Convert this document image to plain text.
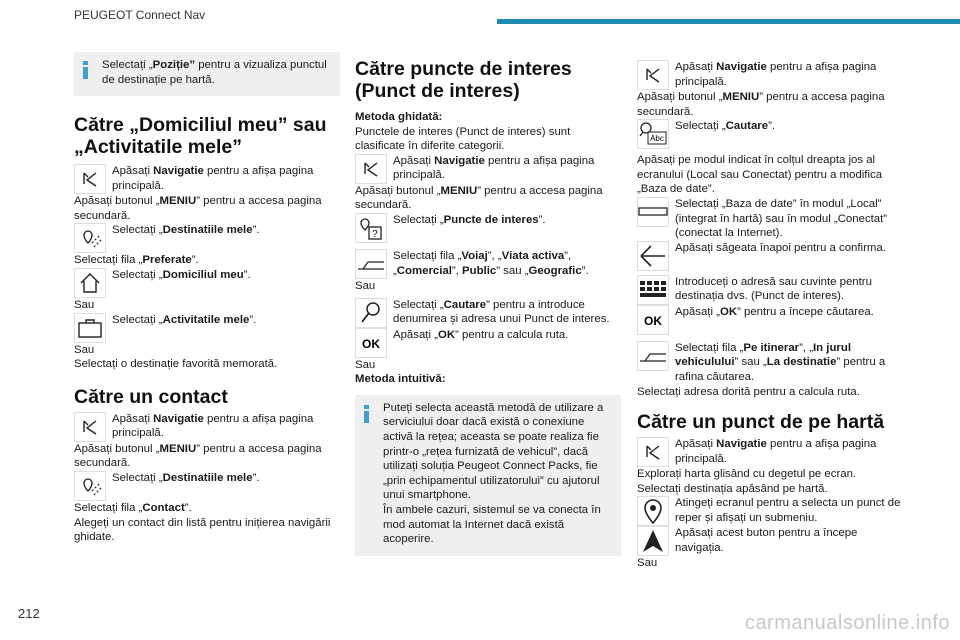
PEUGEOT Connect Nav
Selectați „Poziție” pentru a vizualiza punctul de destinație pe hartă.
Către „Domiciliul meu” sau „Activitatile mele”
Apăsați Navigatie pentru a afișa pagina principală.

Apăsați butonul „MENIU” pentru a accesa pagina secundară.

Selectați „Destinatiile mele”.

Selectați fila „Preferate”.

Selectați „Domiciliul meu”.

Sau

Selectați „Activitatile mele”.

Sau

Selectați o destinație favorită memorată.

Către un contact
Apăsați Navigatie pentru a afișa pagina principală.

Apăsați butonul „MENIU” pentru a accesa pagina secundară.

Selectați „Destinatiile mele”.

Selectați fila „Contact”.

Alegeți un contact din listă pentru inițierea navigării ghidate.

Către puncte de interes (Punct de interes)

Metoda ghidată:

Punctele de interes (Punct de interes) sunt clasificate în diferite categorii.

Apăsați Navigatie pentru a afișa pagina principală.

Apăsați butonul „MENIU” pentru a accesa pagina secundară.

?
Selectați „Puncte de interes”.
Selectați fila „Voiaj”, „Viata activa”, „Comercial”, Public” sau „Geografic”.

Sau

Selectați „Cautare” pentru a introduce denumirea și adresa unui Punct de interes.
OK
Apăsați „OK” pentru a calcula ruta.

Sau

Metoda intuitivă:

Puteți selecta această metodă de utilizare a serviciului doar dacă există o conexiune activă la rețea; aceasta se poate realiza fie printr-o „rețea furnizată de vehicul”, dacă utilizați soluția Peugeot Connect Packs, fie „prin echipamentul utilizatorului” cu ajutorul unui smartphone.

În ambele cazuri, sistemul se va conecta în mod automat la Internet dacă există acoperire.

Apăsați Navigatie pentru a afișa pagina principală.

Apăsați butonul „MENIU” pentru a accesa pagina secundară.

Abc
Selectați „Cautare”.

Apăsați pe modul indicat în colțul dreapta jos al ecranului (Local sau Conectat) pentru a modifica „Baza de date”.

Selectați „Baza de date” în modul „Local” (integrat în hartă) sau în modul „Conectat” (conectat la Internet).
Apăsați săgeata înapoi pentru a confirma.
Introduceți o adresă sau cuvinte pentru destinația dvs. (Punct de interes).
OK
Apăsați „OK” pentru a începe căutarea.
Selectați fila „Pe itinerar”, „In jurul vehiculului” sau „La destinatie” pentru a rafina căutarea.

Selectați adresa dorită pentru a calcula ruta.

Către un punct de pe hartă
Apăsați Navigatie pentru a afișa pagina principală.

Explorați harta glisând cu degetul pe ecran.

Selectați destinația apăsând pe hartă.

Atingeți ecranul pentru a selecta un punct de reper și afișați un submeniu.
Apăsați acest buton pentru a începe navigația.

Sau

212	carmanualsonline.info
